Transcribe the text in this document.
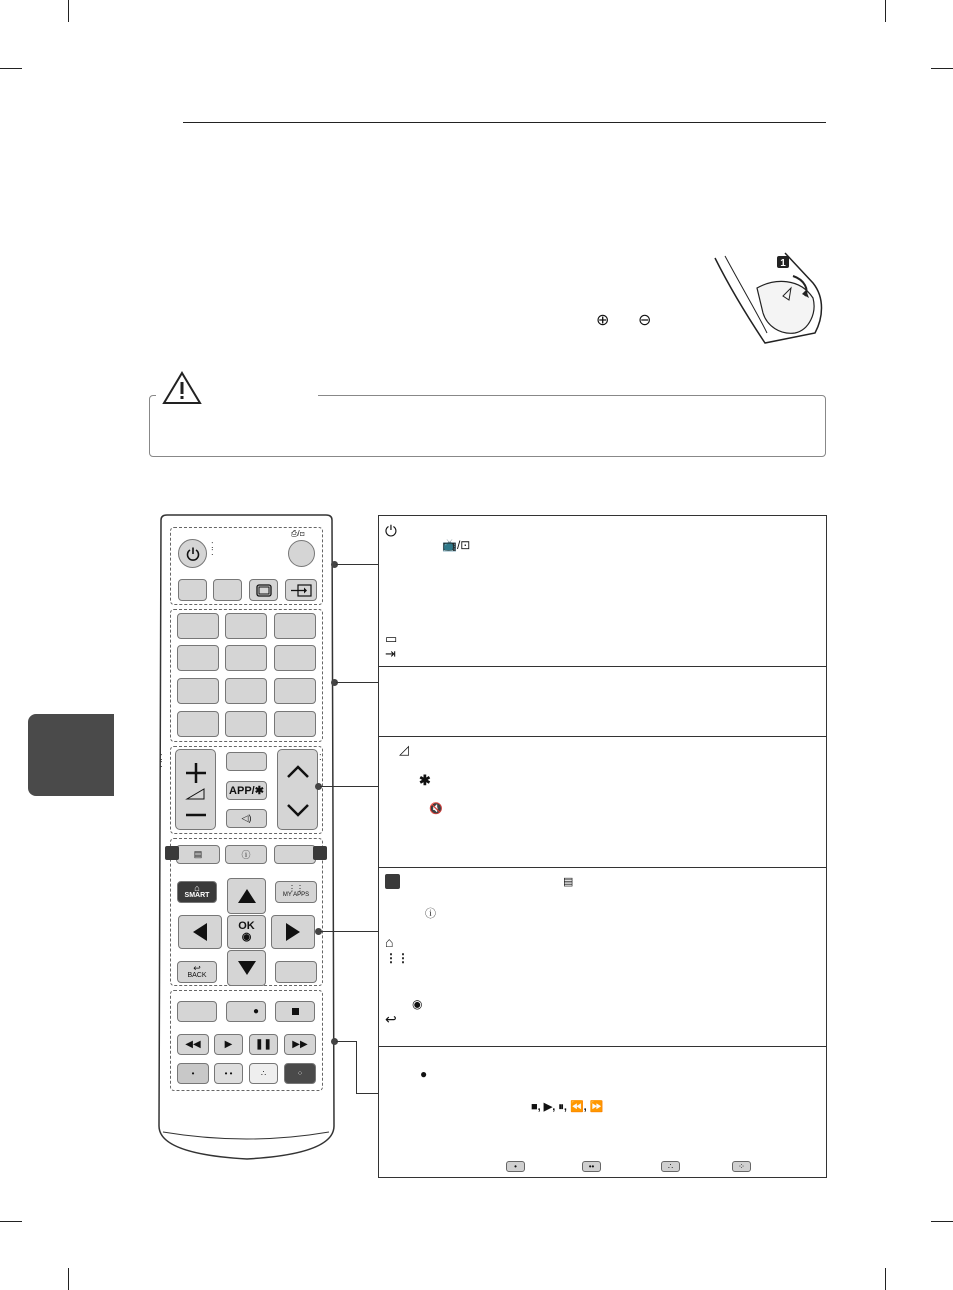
⊕ ⊖
1
⁚
⁚
⎙/⊡
⁚
⁚
⁚
APP/✱
◁)
▤	ⓘ
⌂
SMART
⋮⋮
MY APPS
OK
◉
↩
BACK
●
◀◀	▶	❚❚	▶▶
•	• •	∴	⁘
⏻
📺/⊡
▭
⇥
◿
✱
🔇
▤
ⓘ
⌂
⋮⋮
◉
↩
●
■, ▶, ⏸, ⏪, ⏩
•	••	∴	⁘
